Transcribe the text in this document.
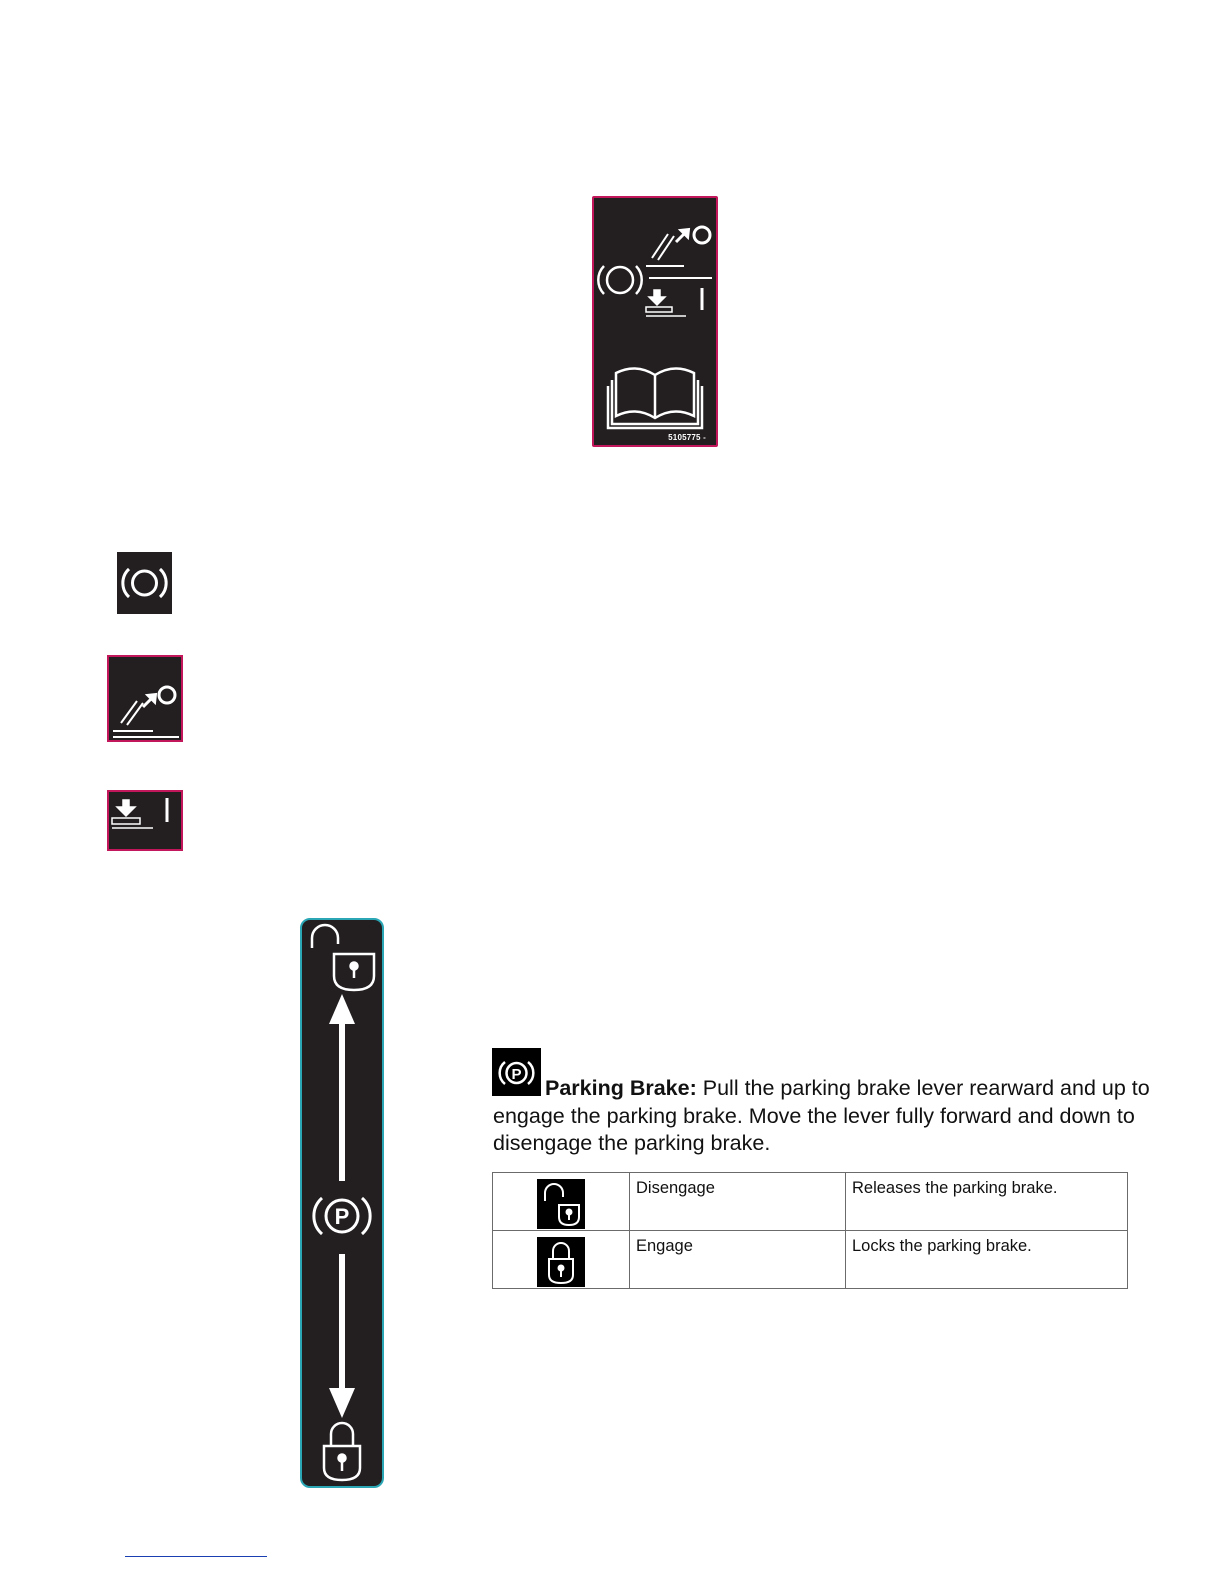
5105775 -
P
P

Parking Brake: Pull the parking brake lever rearward and up to engage the parking brake. Move the lever fully forward and down to disengage the parking brake.

	Disengage	Releases the parking brake.
	Engage	Locks the parking brake.
